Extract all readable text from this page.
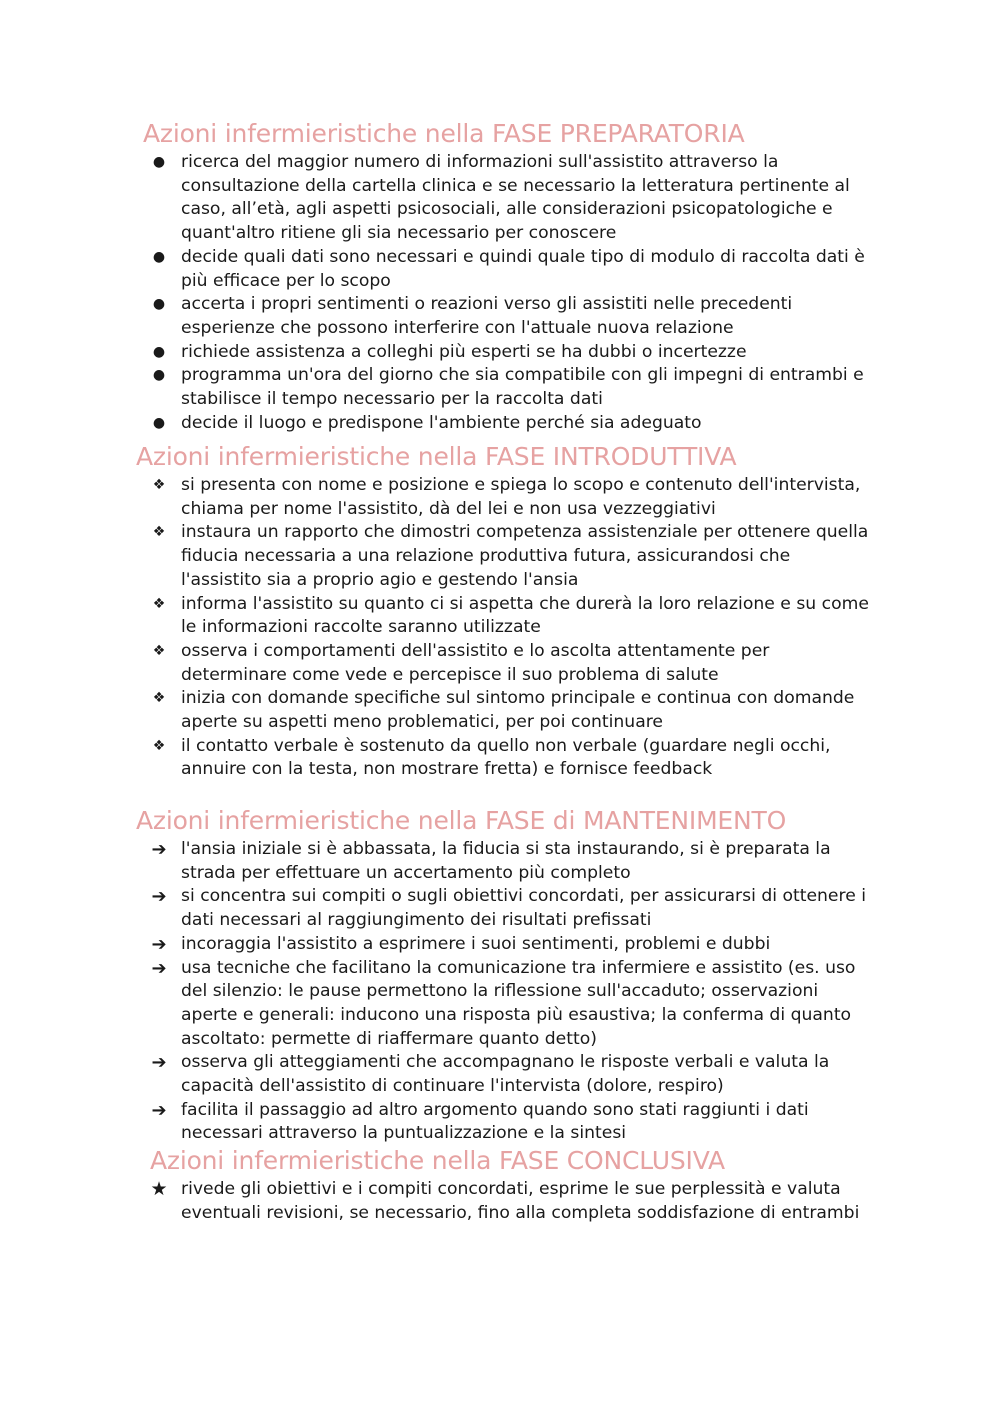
Azioni infermieristiche nella FASE PREPARATORIA
● ricerca del maggior numero di informazioni sull'assistito attraverso la consultazione della cartella clinica e se necessario la letteratura pertinente al caso, all’età, agli aspetti psicosociali, alle considerazioni psicopatologiche e quant'altro ritiene gli sia necessario per conoscere
● decide quali dati sono necessari e quindi quale tipo di modulo di raccolta dati è più efficace per lo scopo
● accerta i propri sentimenti o reazioni verso gli assistiti nelle precedenti esperienze che possono interferire con l'attuale nuova relazione
● richiede assistenza a colleghi più esperti se ha dubbi o incertezze
● programma un'ora del giorno che sia compatibile con gli impegni di entrambi e stabilisce il tempo necessario per la raccolta dati
● decide il luogo e predispone l'ambiente perché sia adeguato
Azioni infermieristiche nella FASE INTRODUTTIVA
❖ si presenta con nome e posizione e spiega lo scopo e contenuto dell'intervista, chiama per nome l'assistito, dà del lei e non usa vezzeggiativi
❖ instaura un rapporto che dimostri competenza assistenziale per ottenere quella fiducia necessaria a una relazione produttiva futura, assicurandosi che l'assistito sia a proprio agio e gestendo l'ansia
❖ informa l'assistito su quanto ci si aspetta che durerà la loro relazione e su come le informazioni raccolte saranno utilizzate
❖ osserva i comportamenti dell'assistito e lo ascolta attentamente per determinare come vede e percepisce il suo problema di salute
❖ inizia con domande specifiche sul sintomo principale e continua con domande aperte su aspetti meno problematici, per poi continuare
❖ il contatto verbale è sostenuto da quello non verbale (guardare negli occhi, annuire con la testa, non mostrare fretta) e fornisce feedback
Azioni infermieristiche nella FASE di MANTENIMENTO
➔ l'ansia iniziale si è abbassata, la fiducia si sta instaurando, si è preparata la strada per effettuare un accertamento più completo
➔ si concentra sui compiti o sugli obiettivi concordati, per assicurarsi di ottenere i dati necessari al raggiungimento dei risultati prefissati
➔ incoraggia l'assistito a esprimere i suoi sentimenti, problemi e dubbi
➔ usa tecniche che facilitano la comunicazione tra infermiere e assistito (es. uso del silenzio: le pause permettono la riflessione sull'accaduto; osservazioni aperte e generali: inducono una risposta più esaustiva; la conferma di quanto ascoltato: permette di riaffermare quanto detto)
➔ osserva gli atteggiamenti che accompagnano le risposte verbali e valuta la capacità dell'assistito di continuare l'intervista (dolore, respiro)
➔ facilita il passaggio ad altro argomento quando sono stati raggiunti i dati necessari attraverso la puntualizzazione e la sintesi
Azioni infermieristiche nella FASE CONCLUSIVA
★ rivede gli obiettivi e i compiti concordati, esprime le sue perplessità e valuta eventuali revisioni, se necessario, fino alla completa soddisfazione di entrambi
